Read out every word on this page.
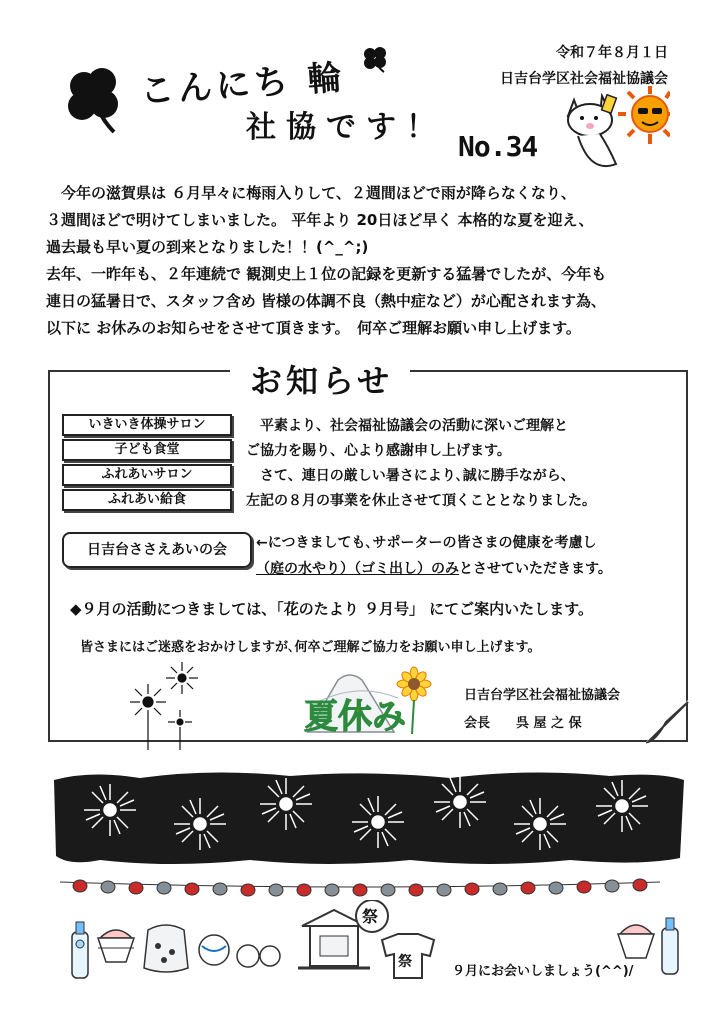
令和７年８月１日

日吉台学区社会福祉協議会

こんにち 輪
社協です！
No.34

　今年の滋賀県は ６月早々に梅雨入りして、２週間ほどで雨が降らなくなり、

３週間ほどで明けてしまいました。 平年より 20日ほど早く 本格的な夏を迎え、

過去最も早い夏の到来となりました！！(^_^;)

去年、一昨年も、２年連続で 観測史上１位の記録を更新する猛暑でしたが、今年も

連日の猛暑日で、スタッフ含め 皆様の体調不良（熱中症など）が心配されます為、

以下に お休みのお知らせをさせて頂きます。　何卒ご理解お願い申し上げます。

お知らせ
いきいき体操サロン
子ども食堂
ふれあいサロン
ふれあい給食

　平素より、社会福祉協議会の活動に深いご理解と

ご協力を賜り、心より感謝申し上げます。

　さて、連日の厳しい暑さにより､誠に勝手ながら、

左記の８月の事業を休止させて頂くこととなりました。

日吉台ささえあいの会	←につきましても､サポーターの皆さまの健康を考慮し

（庭の水やり）（ゴミ出し）のみとさせていただきます。

◆９月の活動につきましては、「花のたより ９月号」 にてご案内いたします。
皆さまにはご迷惑をおかけしますが､何卒ご理解ご協力をお願い申し上げます。
夏休み

日吉台学区社会福祉協議会

会長　　呉 屋 之 保

祭
祭
９月にお会いしましょう(^^)/
